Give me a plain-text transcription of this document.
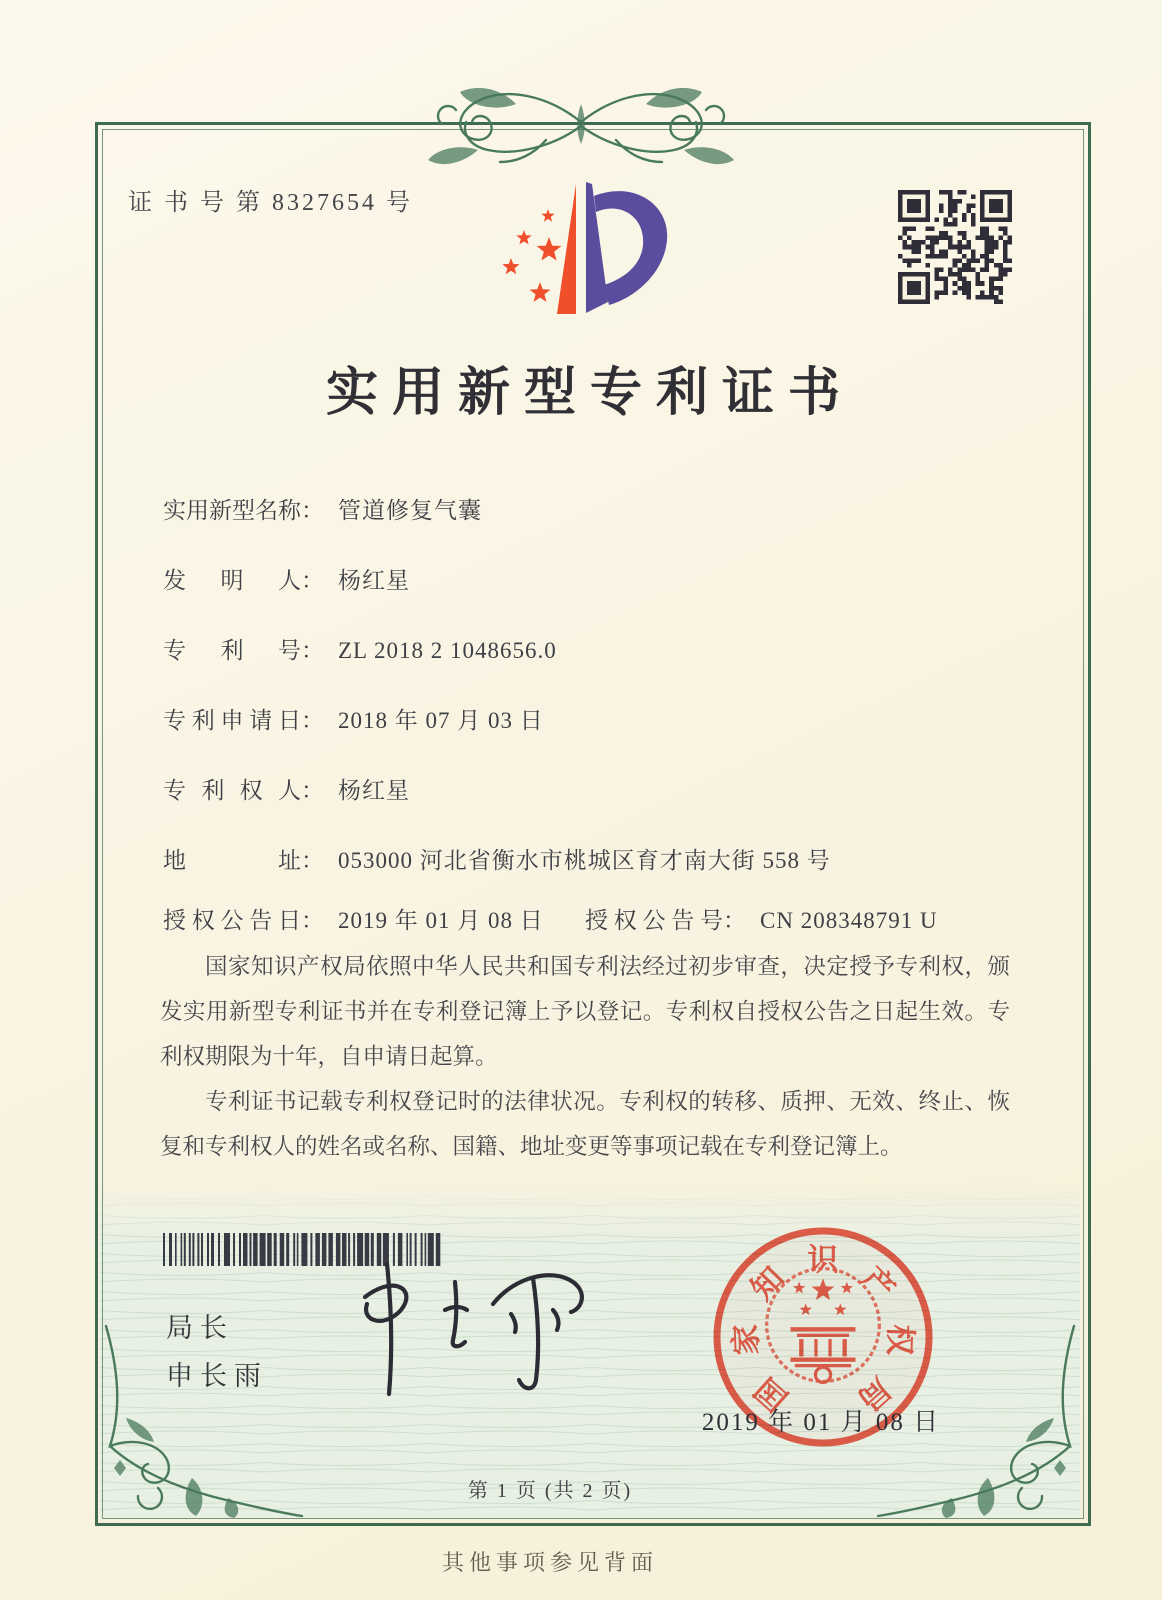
证 书 号 第 8327654 号
实用新型专利证书
实用新型名称： 管道修复气囊
发明人： 杨红星
专利号： ZL 2018 2 1048656.0
专利申请日： 2018 年 07 月 03 日
专利权人： 杨红星
地址： 053000 河北省衡水市桃城区育才南大街 558 号
授权公告日： 2019 年 01 月 08 日 授权公告号： CN 208348791 U

国家知识产权局依照中华人民共和国专利法经过初步审查，决定授予专利权，颁发实用新型专利证书并在专利登记簿上予以登记。专利权自授权公告之日起生效。专利权期限为十年，自申请日起算。

专利证书记载专利权登记时的法律状况。专利权的转移、质押、无效、终止、恢复和专利权人的姓名或名称、国籍、地址变更等事项记载在专利登记簿上。

局长
申长雨	国
家
知
识
产
权
局
2019 年 01 月 08 日
第 1 页 (共 2 页)
其他事项参见背面
